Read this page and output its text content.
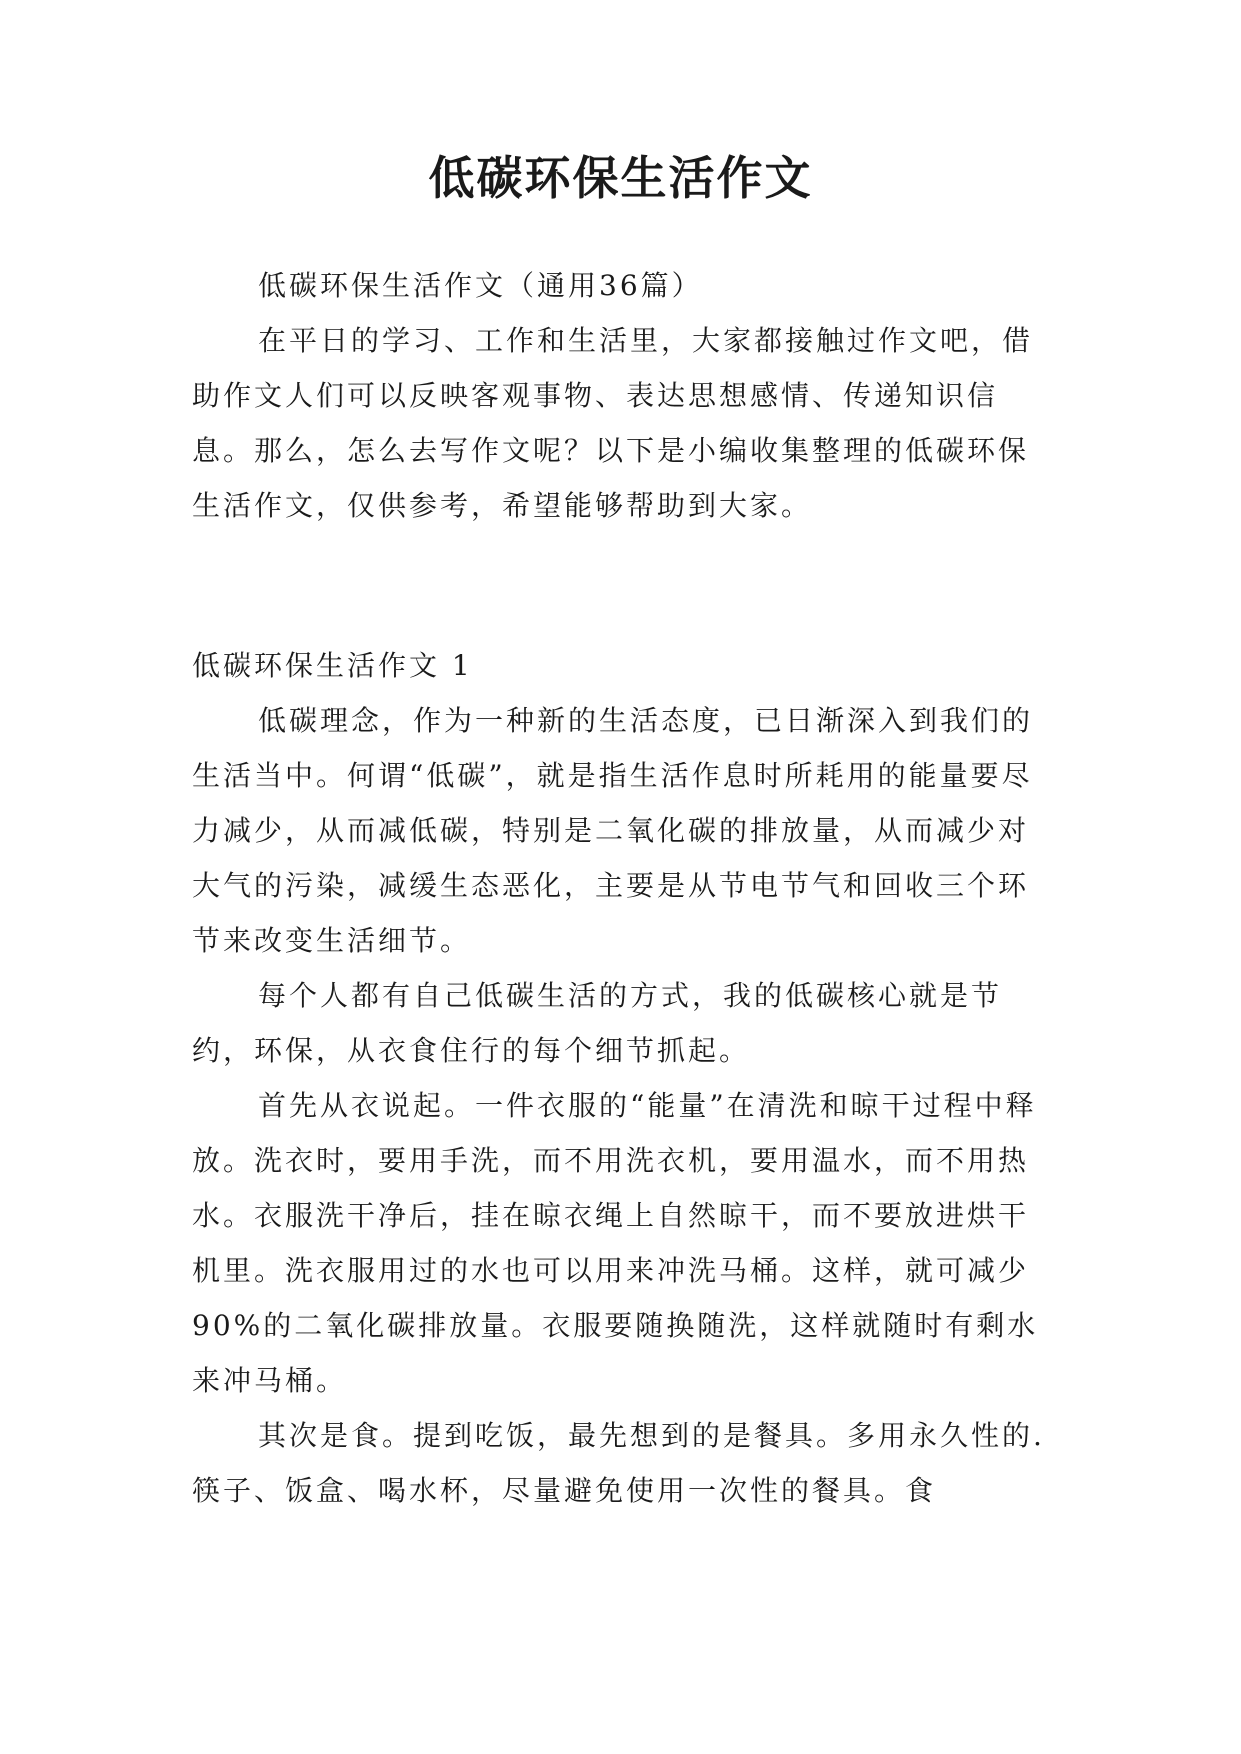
低碳环保生活作文

低碳环保生活作文（通用36篇）

在平日的学习、工作和生活里，大家都接触过作文吧，借助作文人们可以反映客观事物、表达思想感情、传递知识信息。那么，怎么去写作文呢？以下是小编收集整理的低碳环保生活作文，仅供参考，希望能够帮助到大家。

低碳环保生活作文 1

低碳理念，作为一种新的生活态度，已日渐深入到我们的生活当中。何谓“低碳”，就是指生活作息时所耗用的能量要尽力减少，从而减低碳，特别是二氧化碳的排放量，从而减少对大气的污染，减缓生态恶化，主要是从节电节气和回收三个环节来改变生活细节。

每个人都有自己低碳生活的方式，我的低碳核心就是节约，环保，从衣食住行的每个细节抓起。

首先从衣说起。一件衣服的“能量”在清洗和晾干过程中释放。洗衣时，要用手洗，而不用洗衣机，要用温水，而不用热水。衣服洗干净后，挂在晾衣绳上自然晾干，而不要放进烘干机里。洗衣服用过的水也可以用来冲洗马桶。这样，就可减少90%的二氧化碳排放量。衣服要随换随洗，这样就随时有剩水来冲马桶。

其次是食。提到吃饭，最先想到的是餐具。多用永久性的. 筷子、饭盒、喝水杯，尽量避免使用一次性的餐具。食
